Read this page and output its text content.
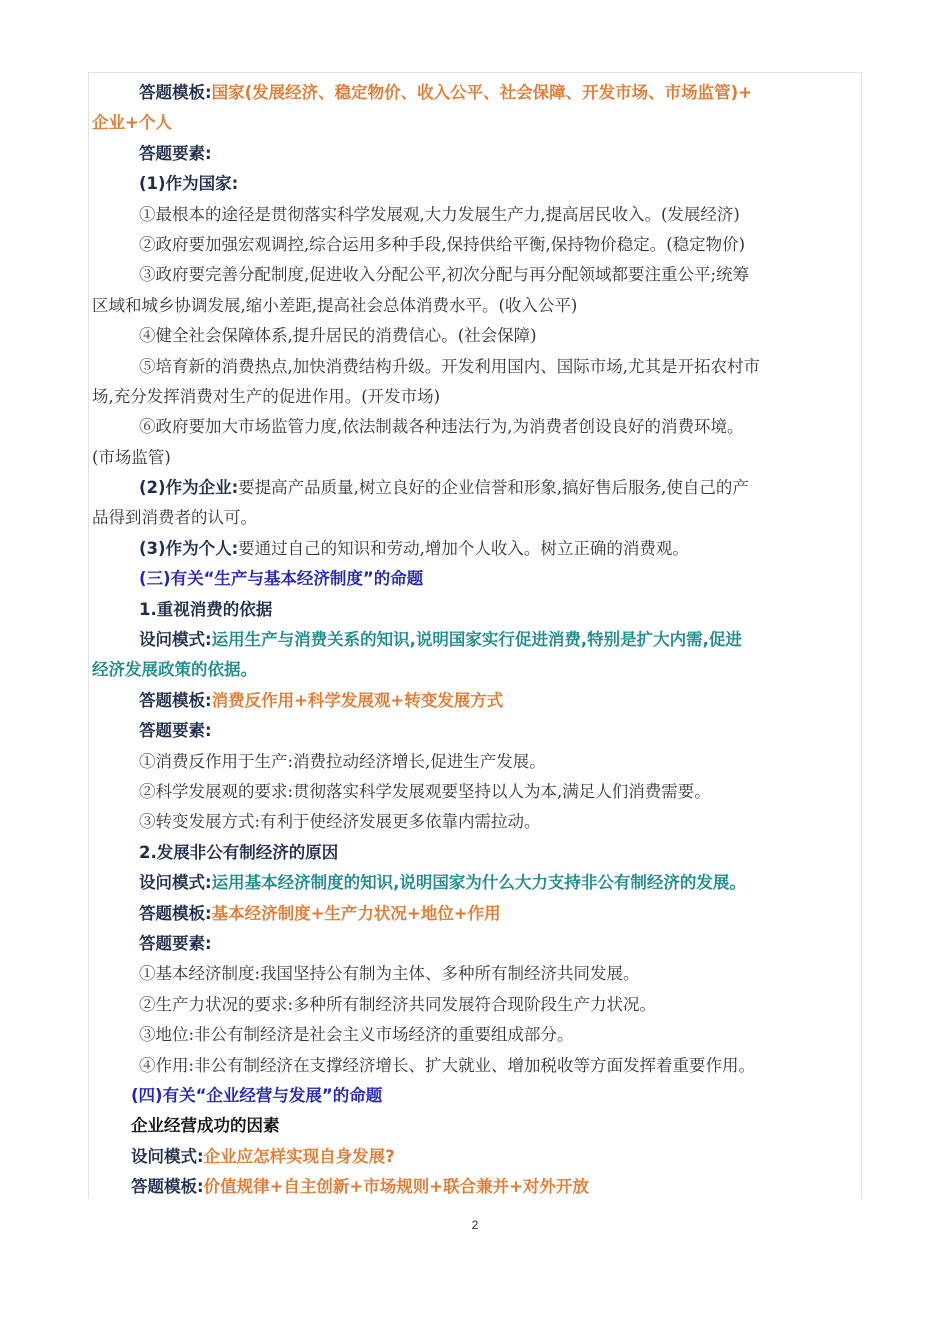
答题模板:国家(发展经济、稳定物价、收入公平、社会保障、开发市场、市场监管)+
企业+个人
答题要素:
(1)作为国家:
①最根本的途径是贯彻落实科学发展观,大力发展生产力,提高居民收入。(发展经济)
②政府要加强宏观调控,综合运用多种手段,保持供给平衡,保持物价稳定。(稳定物价)
③政府要完善分配制度,促进收入分配公平,初次分配与再分配领域都要注重公平;统筹
区域和城乡协调发展,缩小差距,提高社会总体消费水平。(收入公平)
④健全社会保障体系,提升居民的消费信心。(社会保障)
⑤培育新的消费热点,加快消费结构升级。开发利用国内、国际市场,尤其是开拓农村市
场,充分发挥消费对生产的促进作用。(开发市场)
⑥政府要加大市场监管力度,依法制裁各种违法行为,为消费者创设良好的消费环境。
(市场监管)
(2)作为企业:要提高产品质量,树立良好的企业信誉和形象,搞好售后服务,使自己的产
品得到消费者的认可。
(3)作为个人:要通过自己的知识和劳动,增加个人收入。树立正确的消费观。
(三)有关“生产与基本经济制度”的命题
1.重视消费的依据
设问模式:运用生产与消费关系的知识,说明国家实行促进消费,特别是扩大内需,促进
经济发展政策的依据。
答题模板:消费反作用+科学发展观+转变发展方式
答题要素:
①消费反作用于生产:消费拉动经济增长,促进生产发展。
②科学发展观的要求:贯彻落实科学发展观要坚持以人为本,满足人们消费需要。
③转变发展方式:有利于使经济发展更多依靠内需拉动。
2.发展非公有制经济的原因
设问模式:运用基本经济制度的知识,说明国家为什么大力支持非公有制经济的发展。
答题模板:基本经济制度+生产力状况+地位+作用
答题要素:
①基本经济制度:我国坚持公有制为主体、多种所有制经济共同发展。
②生产力状况的要求:多种所有制经济共同发展符合现阶段生产力状况。
③地位:非公有制经济是社会主义市场经济的重要组成部分。
④作用:非公有制经济在支撑经济增长、扩大就业、增加税收等方面发挥着重要作用。
(四)有关“企业经营与发展”的命题
企业经营成功的因素
设问模式:企业应怎样实现自身发展?
答题模板:价值规律+自主创新+市场规则+联合兼并+对外开放
2
